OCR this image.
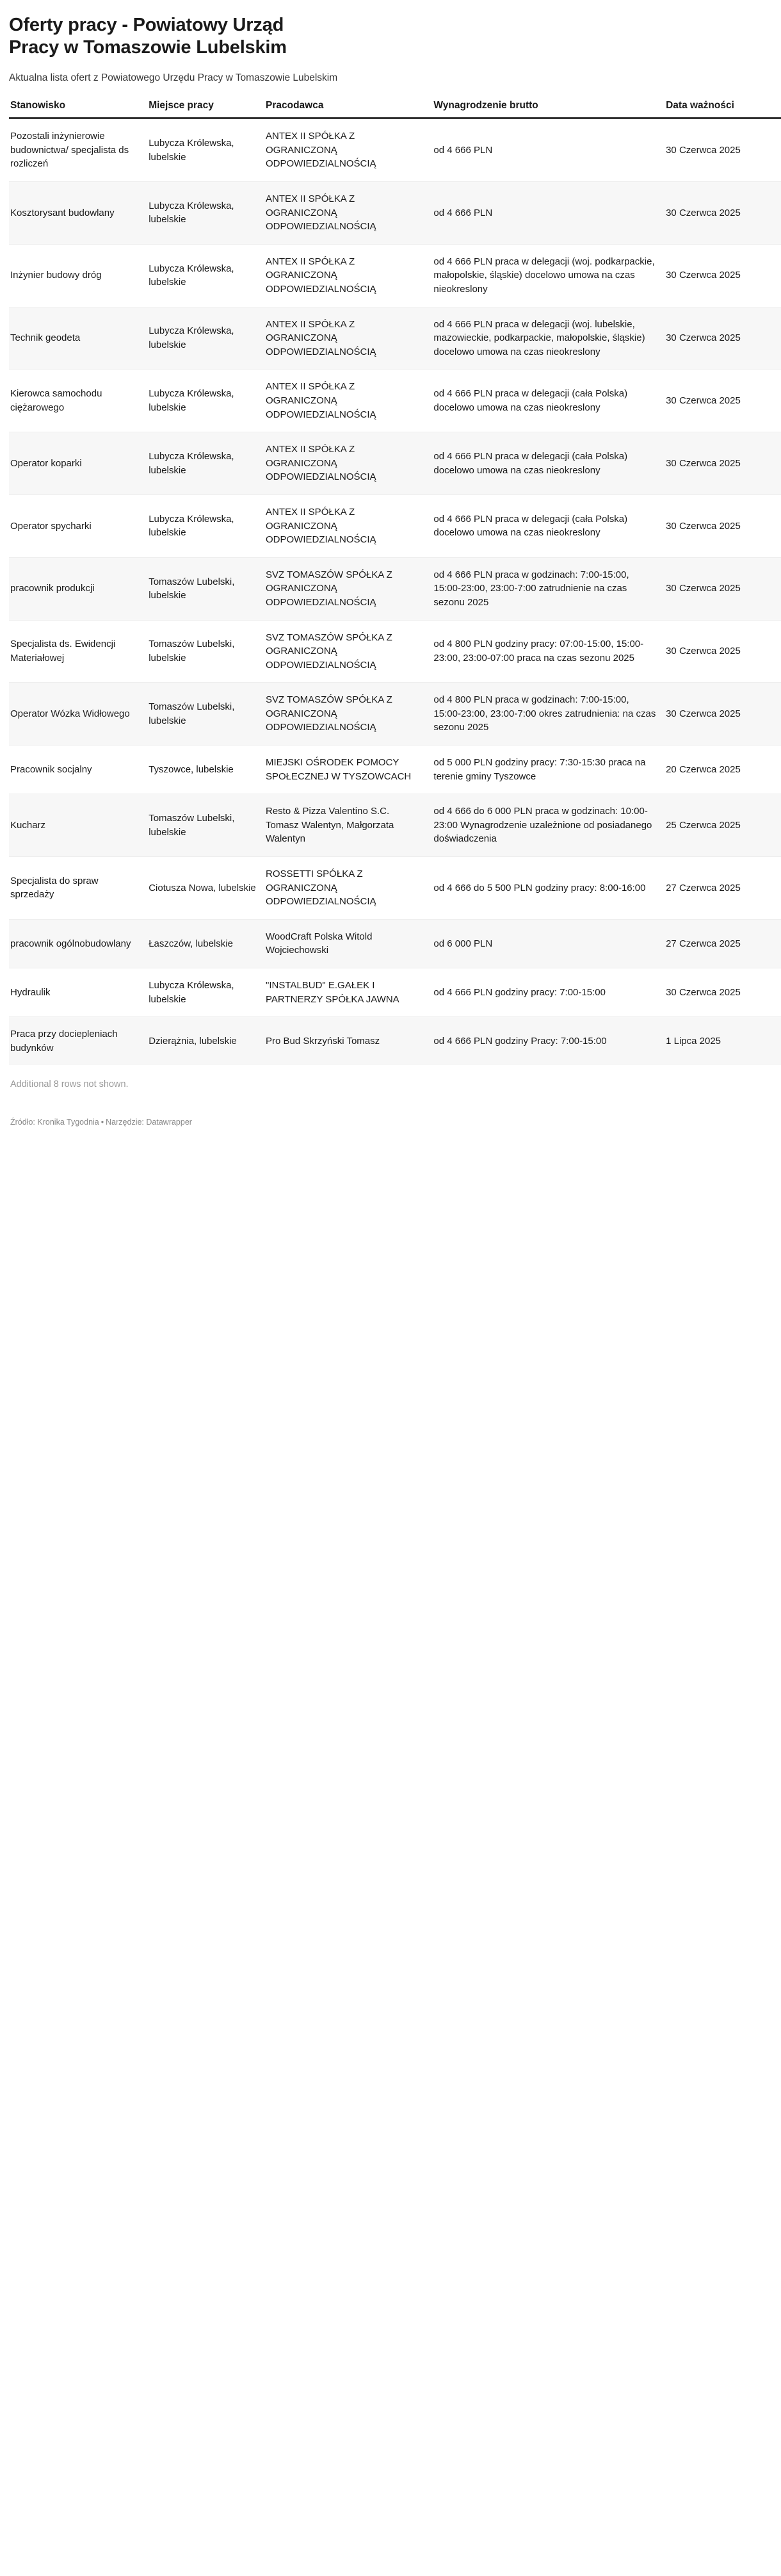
Oferty pracy - Powiatowy Urząd Pracy w Tomaszowie Lubelskim

Aktualna lista ofert z Powiatowego Urzędu Pracy w Tomaszowie Lubelskim

Stanowisko	Miejsce pracy	Pracodawca	Wynagrodzenie brutto	Data ważności
Pozostali inżynierowie budownictwa/ specjalista ds rozliczeń	Lubycza Królewska, lubelskie	ANTEX II SPÓŁKA Z OGRANICZONĄ ODPOWIEDZIALNOŚCIĄ	od 4 666 PLN	30 Czerwca 2025
Kosztorysant budowlany	Lubycza Królewska, lubelskie	ANTEX II SPÓŁKA Z OGRANICZONĄ ODPOWIEDZIALNOŚCIĄ	od 4 666 PLN	30 Czerwca 2025
Inżynier budowy dróg	Lubycza Królewska, lubelskie	ANTEX II SPÓŁKA Z OGRANICZONĄ ODPOWIEDZIALNOŚCIĄ	od 4 666 PLN praca w delegacji (woj. podkarpackie, małopolskie, śląskie) docelowo umowa na czas nieokreslony	30 Czerwca 2025
Technik geodeta	Lubycza Królewska, lubelskie	ANTEX II SPÓŁKA Z OGRANICZONĄ ODPOWIEDZIALNOŚCIĄ	od 4 666 PLN praca w delegacji (woj. lubelskie, mazowieckie, podkarpackie, małopolskie, śląskie) docelowo umowa na czas nieokreslony	30 Czerwca 2025
Kierowca samochodu ciężarowego	Lubycza Królewska, lubelskie	ANTEX II SPÓŁKA Z OGRANICZONĄ ODPOWIEDZIALNOŚCIĄ	od 4 666 PLN praca w delegacji (cała Polska) docelowo umowa na czas nieokreslony	30 Czerwca 2025
Operator koparki	Lubycza Królewska, lubelskie	ANTEX II SPÓŁKA Z OGRANICZONĄ ODPOWIEDZIALNOŚCIĄ	od 4 666 PLN praca w delegacji (cała Polska) docelowo umowa na czas nieokreslony	30 Czerwca 2025
Operator spycharki	Lubycza Królewska, lubelskie	ANTEX II SPÓŁKA Z OGRANICZONĄ ODPOWIEDZIALNOŚCIĄ	od 4 666 PLN praca w delegacji (cała Polska) docelowo umowa na czas nieokreslony	30 Czerwca 2025
pracownik produkcji	Tomaszów Lubelski, lubelskie	SVZ TOMASZÓW SPÓŁKA Z OGRANICZONĄ ODPOWIEDZIALNOŚCIĄ	od 4 666 PLN praca w godzinach: 7:00-15:00, 15:00-23:00, 23:00-7:00 zatrudnienie na czas sezonu 2025	30 Czerwca 2025
Specjalista ds. Ewidencji Materiałowej	Tomaszów Lubelski, lubelskie	SVZ TOMASZÓW SPÓŁKA Z OGRANICZONĄ ODPOWIEDZIALNOŚCIĄ	od 4 800 PLN godziny pracy: 07:00-15:00, 15:00-23:00, 23:00-07:00 praca na czas sezonu 2025	30 Czerwca 2025
Operator Wózka Widłowego	Tomaszów Lubelski, lubelskie	SVZ TOMASZÓW SPÓŁKA Z OGRANICZONĄ ODPOWIEDZIALNOŚCIĄ	od 4 800 PLN praca w godzinach: 7:00-15:00, 15:00-23:00, 23:00-7:00 okres zatrudnienia: na czas sezonu 2025	30 Czerwca 2025
Pracownik socjalny	Tyszowce, lubelskie	MIEJSKI OŚRODEK POMOCY SPOŁECZNEJ W TYSZOWCACH	od 5 000 PLN godziny pracy: 7:30-15:30 praca na terenie gminy Tyszowce	20 Czerwca 2025
Kucharz	Tomaszów Lubelski, lubelskie	Resto & Pizza Valentino S.C. Tomasz Walentyn, Małgorzata Walentyn	od 4 666 do 6 000 PLN praca w godzinach: 10:00-23:00 Wynagrodzenie uzależnione od posiadanego doświadczenia	25 Czerwca 2025
Specjalista do spraw sprzedaży	Ciotusza Nowa, lubelskie	ROSSETTI SPÓŁKA Z OGRANICZONĄ ODPOWIEDZIALNOŚCIĄ	od 4 666 do 5 500 PLN godziny pracy: 8:00-16:00	27 Czerwca 2025
pracownik ogólnobudowlany	Łaszczów, lubelskie	WoodCraft Polska Witold Wojciechowski	od 6 000 PLN	27 Czerwca 2025
Hydraulik	Lubycza Królewska, lubelskie	"INSTALBUD" E.GAŁEK I PARTNERZY SPÓŁKA JAWNA	od 4 666 PLN godziny pracy: 7:00-15:00	30 Czerwca 2025
Praca przy dociepleniach budynków	Dzierążnia, lubelskie	Pro Bud Skrzyński Tomasz	od 4 666 PLN godziny Pracy: 7:00-15:00	1 Lipca 2025
Additional 8 rows not shown.
Źródło: Kronika Tygodnia • Narzędzie: Datawrapper
